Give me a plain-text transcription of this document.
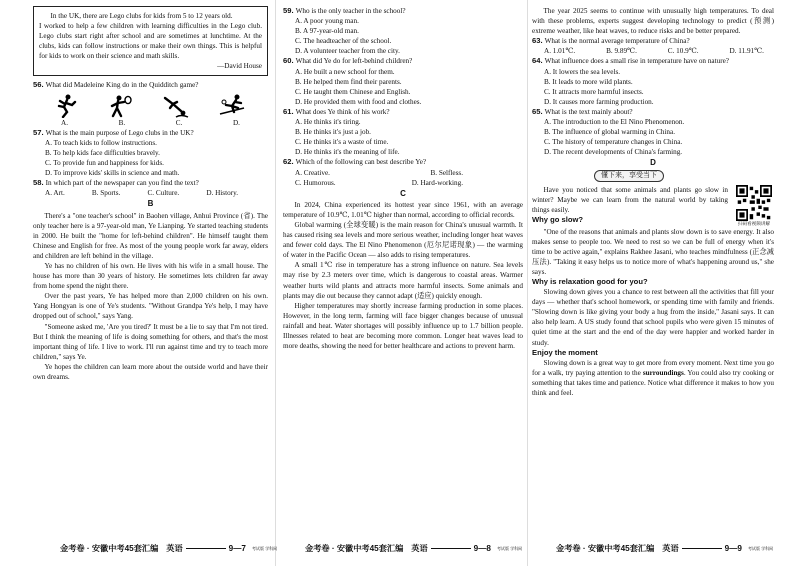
In the UK, there are Lego clubs for kids from 5 to 12 years old.

I worked to help a few children with learning difficulties in the Lego club. Lego clubs start right after school and are sometimes at lunchtime. At the clubs, kids can follow instructions or make their own things. This is helpful for kids to work on their science and math skills.

—David House

56. What did Madeleine King do in the Quidditch game?

A.	B.	C.	D.

57. What is the main purpose of Lego clubs in the UK?

A. To teach kids to follow instructions.

B. To help kids face difficulties bravely.

C. To provide fun and happiness for kids.

D. To improve kids' skills in science and math.

58. In which part of the newspaper can you find the text?

A. Art.	B. Sports.	C. Culture.	D. History.
B

There's a "one teacher's school" in Baohen village, Anhui Province (省). The only teacher here is a 97-year-old man, Ye Lianping. Ye started teaching students in 2000. He built the "home for left-behind children". He himself taught them Chinese and English for free. As most of the young people work far away, elders and children are left behind in the village.

Ye has no children of his own. He lives with his wife in a small house. The house has more than 30 years of history. He sometimes lets children far away from home spend the night there.

Over the past years, Ye has helped more than 2,000 children on his own. Yang Hongyan is one of Ye's students. "Without Grandpa Ye's help, I may have dropped out of school," says Yang.

"Someone asked me, 'Are you tired?' It must be a lie to say that I'm not tired. But I think the meaning of life is doing something for others, and that's the most important thing of life. I live to work. I'll run against time and try to teach more children," says Ye.

Ye hopes the children can learn more about the outside world and have their own dreams.

金考卷 · 安徽中考45套汇编 英语	9—7 考试版 学科网

59. Who is the only teacher in the school?

A. A poor young man.

B. A 97-year-old man.

C. The headteacher of the school.

D. A volunteer teacher from the city.

60. What did Ye do for left-behind children?

A. He built a new school for them.

B. He helped them find their parents.

C. He taught them Chinese and English.

D. He provided them with food and clothes.

61. What does Ye think of his work?

A. He thinks it's tiring.

B. He thinks it's just a job.

C. He thinks it's a waste of time.

D. He thinks it's the meaning of life.

62. Which of the following can best describe Ye?

A. Creative.	B. Selfless.
C. Humorous.	D. Hard-working.
C

In 2024, China experienced its hottest year since 1961, with an average temperature of 10.9℃, 1.01℃ higher than normal, according to official records.

Global warming (全球变暖) is the main reason for China's unusual warmth. It has caused rising sea levels and more serious weather, including longer heat waves and fewer cold days. The El Nino Phenomenon (厄尔尼诺现象) — the warming of water in the Pacific Ocean — also adds to rising temperatures.

A small 1℃ rise in temperature has a strong influence on nature. Sea levels may rise by 2.3 meters over time, which is dangerous to coastal areas. Warmer weather hurts wild plants and attracts more harmful insects. Some animals and plants may die out because they cannot adapt (适应) quickly enough.

Higher temperatures may shortly increase farming production in some places. However, in the long term, farming will face bigger changes because of unusual rainfall and heat. Water shortages will possibly influence up to 1.7 billion people. Illnesses related to heat are becoming more common. Longer heat waves lead to more deaths, showing the need for better healthcare and actions to prevent harm.

金考卷 · 安徽中考45套汇编 英语	9—8 考试版 学科网

The year 2025 seems to continue with unusually high temperatures. To deal with these problems, experts suggest developing technology to predict (预测) extreme weather, like heat waves, to reduce risks and be better prepared.

63. What is the normal average temperature of China?

A. 1.01℃.	B. 9.89℃.	C. 10.9℃.	D. 11.91℃.

64. What influence does a small rise in temperature have on nature?

A. It lowers the sea levels.

B. It leads to more wild plants.

C. It attracts more harmful insects.

D. It causes more farming production.

65. What is the text mainly about?

A. The introduction to the El Nino Phenomenon.

B. The influence of global warming in China.

C. The history of temperature changes in China.

D. The recent developments of China's farming.

D
懂下来，享受当下

Have you noticed that some animals and plants go slow in winter? Maybe we can learn from the natural world by taking things easily.

Why go slow?	扫码看视频讲解

"One of the reasons that animals and plants slow down is to save energy. It also makes sense to people too. We need to rest so we can be full of energy when it's time to be active again," explains Rakhee Jasani, who teaches mindfulness (正念减压法). "Taking it easy helps us to notice more of what's happening around us," she says.

Why is relaxation good for you?

Slowing down gives you a chance to rest between all the activities that fill your days — whether that's school homework, or spending time with family and friends. "Slowing down is like giving your body a hug from the inside," Jasani says. It can also help learn. A US study found that school pupils who were given 15 minutes of quiet time at the start and the end of the day were happier and worked harder in study.

Enjoy the moment

Slowing down is a great way to get more from every moment. Next time you go for a walk, try paying attention to the surroundings. You could also try cooking or something that takes time and patience. Notice what difference it makes to how you think and feel.

金考卷 · 安徽中考45套汇编 英语	9—9 考试版 学科网
